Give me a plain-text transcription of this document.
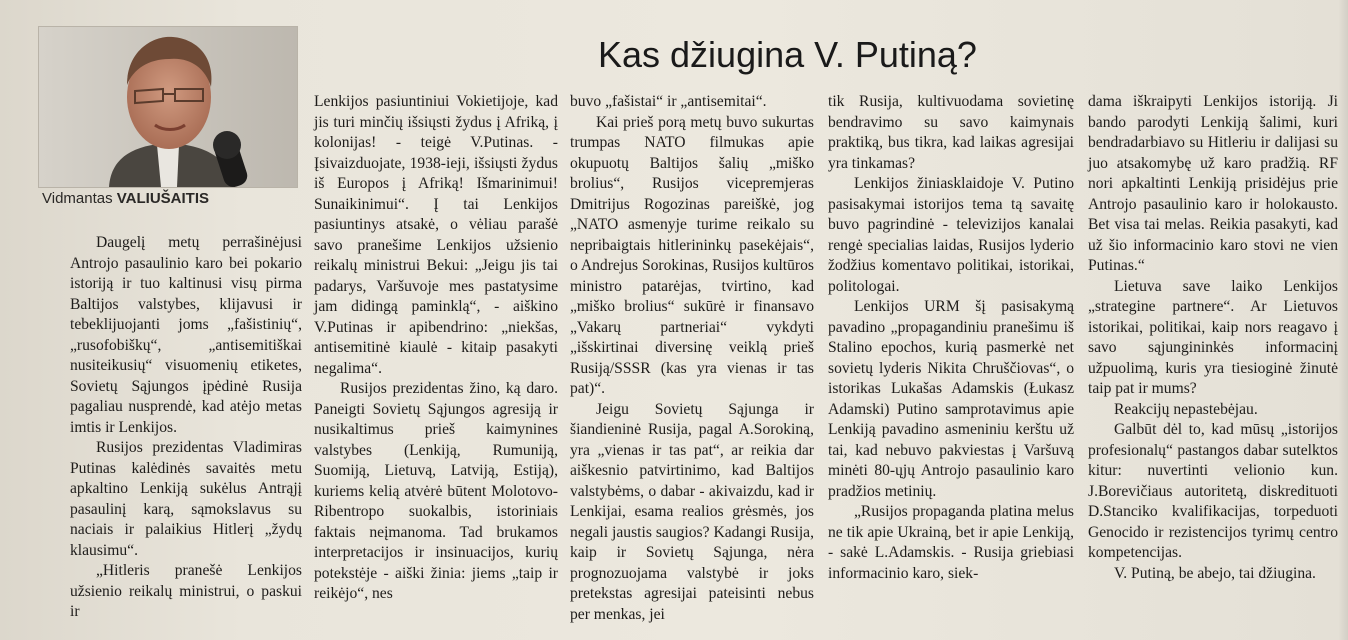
Vidmantas VALIUŠAITIS
Kas džiugina V. Putiną?

Daugelį metų perrašinėjusi Antrojo pasaulinio karo bei pokario istoriją ir tuo kaltinusi visų pirma Baltijos valstybes, klijavusi ir tebeklijuojanti joms „fašistinių“, „rusofobiškų“, „antisemitiškai nusiteikusių“ visuomenių etiketes, Sovietų Sąjungos įpėdinė Rusija pagaliau nusprendė, kad atėjo metas imtis ir Lenkijos.

Rusijos prezidentas Vladimiras Putinas kalėdinės savaitės metu apkaltino Lenkiją sukėlus Antrąjį pasaulinį karą, sąmokslavus su naciais ir palaikius Hitlerį „žydų klausimu“.

„Hitleris pranešė Lenkijos užsienio reikalų ministrui, o paskui ir

Lenkijos pasiuntiniui Vokietijoje, kad jis turi minčių išsiųsti žydus į Afriką, į kolonijas! - teigė V.Putinas. - Įsivaizduojate, 1938-ieji, išsiųsti žydus iš Europos į Afriką! Išmarinimui! Sunaikinimui“. Į tai Lenkijos pasiuntinys atsakė, o vėliau parašė savo pranešime Lenkijos užsienio reikalų ministrui Bekui: „Jeigu jis tai padarys, Varšuvoje mes pastatysime jam didingą paminklą“, - aiškino V.Putinas ir apibendrino: „niekšas, antisemitinė kiaulė - kitaip pasakyti negalima“.

Rusijos prezidentas žino, ką daro. Paneigti Sovietų Sąjungos agresiją ir nusikaltimus prieš kaimynines valstybes (Lenkiją, Rumuniją, Suomiją, Lietuvą, Latviją, Estiją), kuriems kelią atvėrė būtent Molotovo-Ribentropo suokalbis, istoriniais faktais neįmanoma. Tad brukamos interpretacijos ir insinuacijos, kurių potekstėje - aiški žinia: jiems „taip ir reikėjo“, nes

buvo „fašistai“ ir „antisemitai“.

Kai prieš porą metų buvo sukurtas trumpas NATO filmukas apie okupuotų Baltijos šalių „miško brolius“, Rusijos vicepremjeras Dmitrijus Rogozinas pareiškė, jog „NATO asmenyje turime reikalo su nepribaigtais hitlerininkų pasekėjais“, o Andrejus Sorokinas, Rusijos kultūros ministro patarėjas, tvirtino, kad „miško brolius“ sukūrė ir finansavo „Vakarų partneriai“ vykdyti „išskirtinai diversinę veiklą prieš Rusiją/SSSR (kas yra vienas ir tas pat)“.

Jeigu Sovietų Sąjunga ir šiandieninė Rusija, pagal A.Sorokiną, yra „vienas ir tas pat“, ar reikia dar aiškesnio patvirtinimo, kad Baltijos valstybėms, o dabar - akivaizdu, kad ir Lenkijai, esama realios grėsmės, jos negali jaustis saugios? Kadangi Rusija, kaip ir Sovietų Sąjunga, nėra prognozuojama valstybė ir joks pretekstas agresijai pateisinti nebus per menkas, jei

tik Rusija, kultivuodama sovietinę bendravimo su savo kaimynais praktiką, bus tikra, kad laikas agresijai yra tinkamas?

Lenkijos žiniasklaidoje V. Putino pasisakymai istorijos tema tą savaitę buvo pagrindinė - televizijos kanalai rengė specialias laidas, Rusijos lyderio žodžius komentavo politikai, istorikai, politologai.

Lenkijos URM šį pasisakymą pavadino „propagandiniu pranešimu iš Stalino epochos, kurią pasmerkė net sovietų lyderis Nikita Chruščiovas“, o istorikas Lukašas Adamskis (Łukasz Adamski) Putino samprotavimus apie Lenkiją pavadino asmeniniu kerštu už tai, kad nebuvo pakviestas į Varšuvą minėti 80-ųjų Antrojo pasaulinio karo pradžios metinių.

„Rusijos propaganda platina melus ne tik apie Ukrainą, bet ir apie Lenkiją, - sakė L.Adamskis. - Rusija griebiasi informacinio karo, siek-

dama iškraipyti Lenkijos istoriją. Ji bando parodyti Lenkiją šalimi, kuri bendradarbiavo su Hitleriu ir dalijasi su juo atsakomybę už karo pradžią. RF nori apkaltinti Lenkiją prisidėjus prie Antrojo pasaulinio karo ir holokausto. Bet visa tai melas. Reikia pasakyti, kad už šio informacinio karo stovi ne vien Putinas.“

Lietuva save laiko Lenkijos „strategine partnere“. Ar Lietuvos istorikai, politikai, kaip nors reagavo į savo sąjungininkės informacinį užpuolimą, kuris yra tiesioginė žinutė taip pat ir mums?

Reakcijų nepastebėjau.

Galbūt dėl to, kad mūsų „istorijos profesionalų“ pastangos dabar sutelktos kitur: nuvertinti velionio kun. J.Borevičiaus autoritetą, diskredituoti D.Stanciko kvalifikacijas, torpeduoti Genocido ir rezistencijos tyrimų centro kompetencijas.

V. Putiną, be abejo, tai džiugina.
